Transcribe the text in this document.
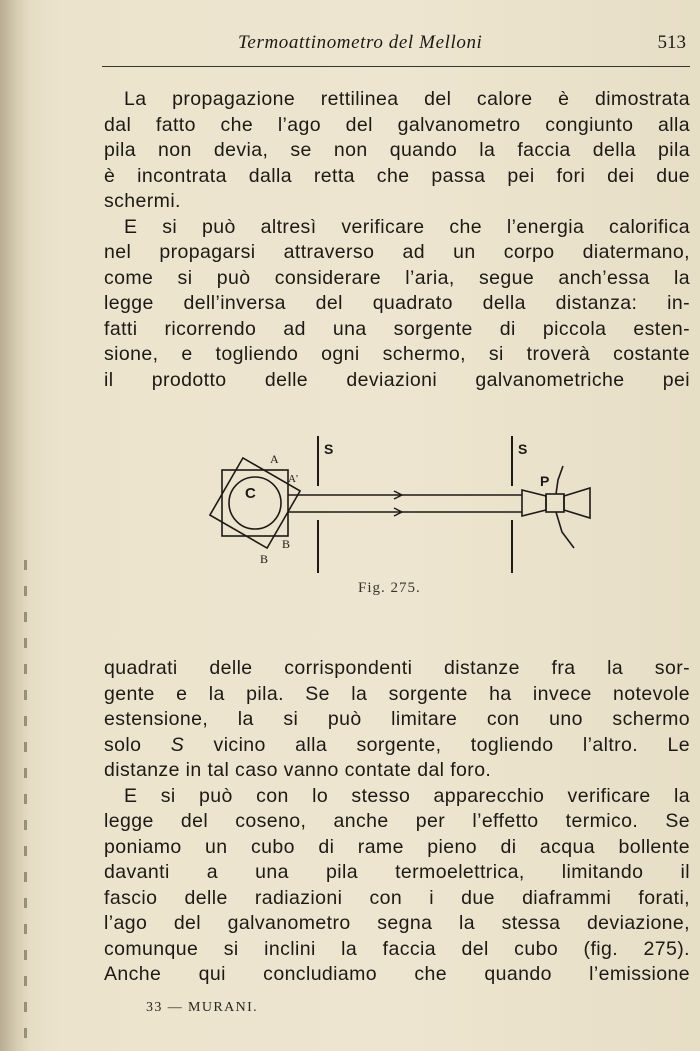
Termoattinometro del Melloni	513
La propagazione rettilinea del calore è dimostrata
dal fatto che l’ago del galvanometro congiunto alla
pila non devia, se non quando la faccia della pila
è incontrata dalla retta che passa pei fori dei due
schermi.
E si può altresì verificare che l’energia calorifica
nel propagarsi attraverso ad un corpo diatermano,
come si può considerare l’aria, segue anch’essa la
legge dell’inversa del quadrato della distanza: in-
fatti ricorrendo ad una sorgente di piccola esten-
sione, e togliendo ogni schermo, si troverà costante
il prodotto delle deviazioni galvanometriche pei
C
A
A'
B
B
S	S
P
Fig. 275.
quadrati delle corrispondenti distanze fra la sor-
gente e la pila. Se la sorgente ha invece notevole
estensione, la si può limitare con uno schermo
solo S vicino alla sorgente, togliendo l’altro. Le
distanze in tal caso vanno contate dal foro.
E si può con lo stesso apparecchio verificare la
legge del coseno, anche per l’effetto termico. Se
poniamo un cubo di rame pieno di acqua bollente
davanti a una pila termoelettrica, limitando il
fascio delle radiazioni con i due diaframmi forati,
l’ago del galvanometro segna la stessa deviazione,
comunque si inclini la faccia del cubo (fig. 275).
Anche qui concludiamo che quando l’emissione
33 — MURANI.
